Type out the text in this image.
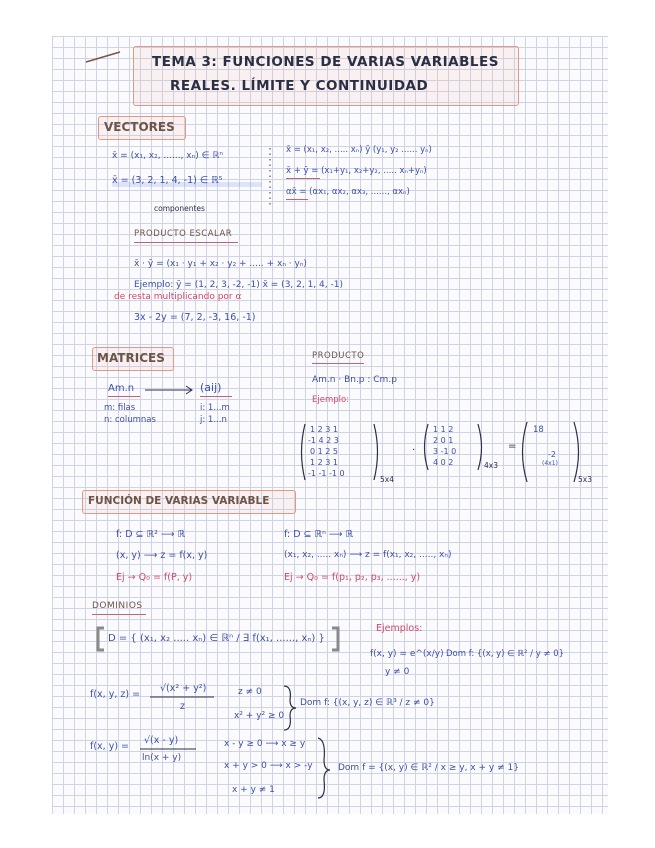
TEMA 3: FUNCIONES DE VARIAS VARIABLES
REALES. LÍMITE Y CONTINUIDAD
VECTORES
x̄ = (x₁, x₂, ......, xₙ) ∈ ℝⁿ
x̄ = (3, 2, 1, 4, -1) ∈ ℝ⁵
componentes
x̄ = (x₁, x₂, ..... xₙ) ȳ (y₁, y₂ ...... yₙ)
x̄ + ȳ = (x₁+y₁, x₂+y₂, ..... xₙ+yₙ)
αx̄ = (αx₁, αx₂, αx₃, ......, αxₙ)
PRODUCTO ESCALAR
x̄ · ȳ = (x₁ · y₁ + x₂ · y₂ + ..... + xₙ · yₙ)
Ejemplo: ȳ = (1, 2, 3, -2, -1) x̄ = (3, 2, 1, 4, -1)
de resta multiplicando por α
3x - 2y = (7, 2, -3, 16, -1)
MATRICES
Am.n	(aij)
m: filas
n: columnas
i: 1...m
j: 1...n
PRODUCTO
Am.n · Bn.p : Cm.p
Ejemplo:
1 2 3 1
-1 4 2 3
0 1 2 5
1 2 3 1
-1 -1 -1 0
5x4
·
1 1 2
2 0 1
3 -1 0
4 0 2	4x3
=
18
-2
(4x1)
5x3
FUNCIÓN DE VARIAS VARIABLE
f: D ⊆ ℝ² ⟶ ℝ
(x, y) ⟶ z = f(x, y)
Ej → Q₀ = f(P, y)
f: D ⊆ ℝⁿ ⟶ ℝ
(x₁, x₂, ..... xₙ) ⟶ z = f(x₁, x₂, ....., xₙ)
Ej → Q₀ = f(p₁, p₂, p₃, ......, y)
DOMINIOS
D = { (x₁, x₂ ..... xₙ) ∈ ℝⁿ / ∃ f(x₁, ......, xₙ) }
Ejemplos:
f(x, y) = e^(x/y) Dom f: {(x, y) ∈ ℝ² / y ≠ 0}
y ≠ 0
f(x, y, z) =
√(x² + y²)
z
z ≠ 0
x² + y² ≥ 0
Dom f: {(x, y, z) ∈ ℝ³ / z ≠ 0}
f(x, y) =
√(x - y)
ln(x + y)
x - y ≥ 0 ⟶ x ≥ y
x + y > 0 ⟶ x > -y
x + y ≠ 1
Dom f = {(x, y) ∈ ℝ² / x ≥ y, x + y ≠ 1}
